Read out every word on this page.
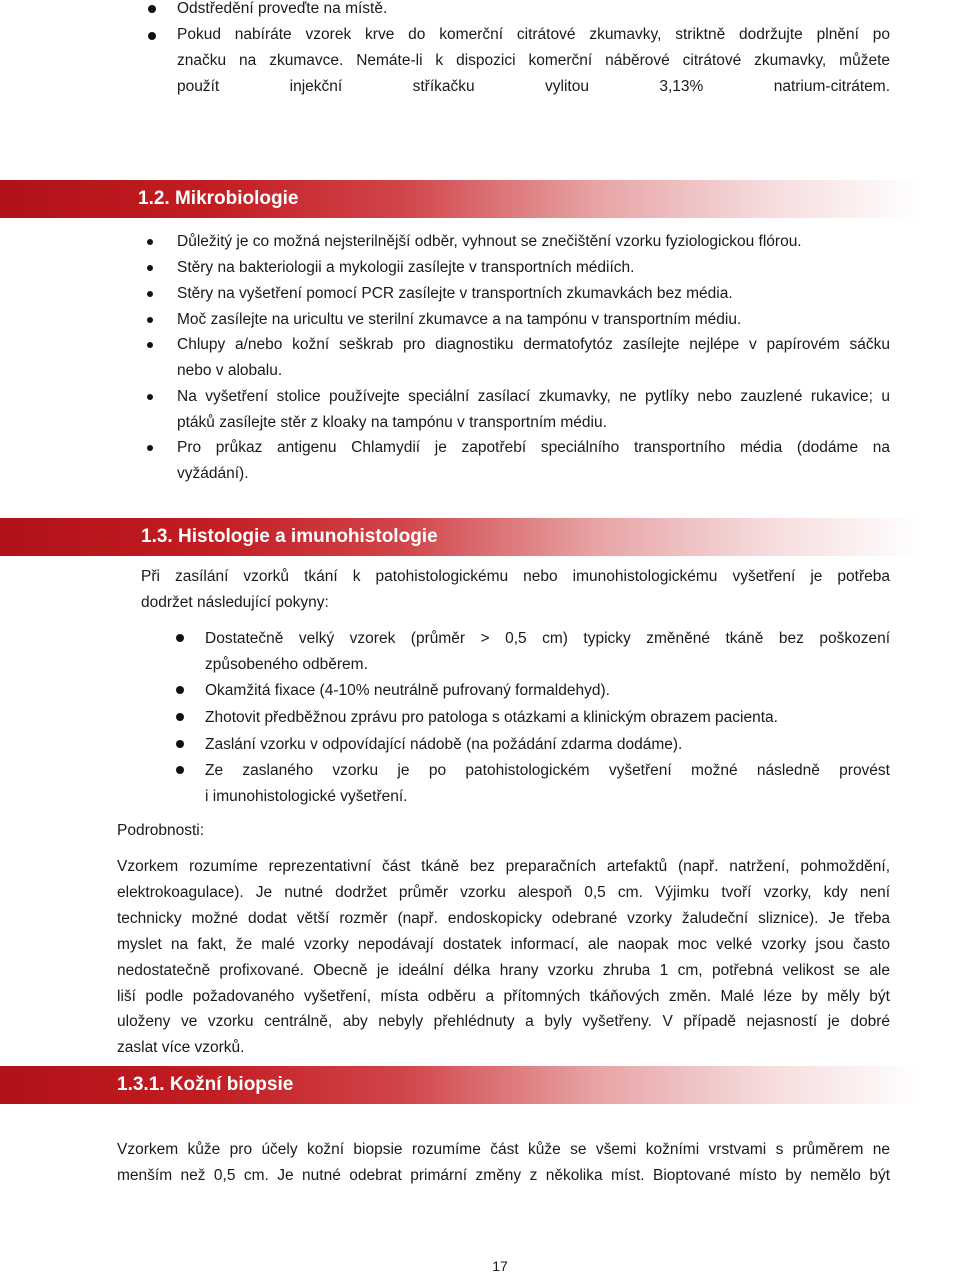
Odstředění proveďte na místě.
Pokud nabíráte vzorek krve do komerční citrátové zkumavky, striktně dodržujte plnění po
značku na zkumavce. Nemáte-li k dispozici komerční náběrové citrátové zkumavky, můžete
použít injekční stříkačku vylitou 3,13% natrium-citrátem.
1.2. Mikrobiologie
Důležitý je co možná nejsterilnější odběr, vyhnout se znečištění vzorku fyziologickou flórou.
Stěry na bakteriologii a mykologii zasílejte v transportních médiích.
Stěry na vyšetření pomocí PCR zasílejte v transportních zkumavkách bez média.
Moč zasílejte na uricultu ve sterilní zkumavce a na tampónu v transportním médiu.
Chlupy a/nebo kožní seškrab pro diagnostiku dermatofytóz zasílejte nejlépe v papírovém sáčku
nebo v alobalu.
Na vyšetření stolice používejte speciální zasílací zkumavky, ne pytlíky nebo zauzlené rukavice; u
ptáků zasílejte stěr z kloaky na tampónu v transportním médiu.
Pro průkaz antigenu Chlamydií je zapotřebí speciálního transportního média (dodáme na
vyžádání).
1.3. Histologie a imunohistologie
Při zasílání vzorků tkání k patohistologickému nebo imunohistologickému vyšetření je potřeba
dodržet následující pokyny:
Dostatečně velký vzorek (průměr > 0,5 cm) typicky změněné tkáně bez poškození
způsobeného odběrem.
Okamžitá fixace (4-10% neutrálně pufrovaný formaldehyd).
Zhotovit předběžnou zprávu pro patologa s otázkami a klinickým obrazem pacienta.
Zaslání vzorku v odpovídající nádobě (na požádání zdarma dodáme).
Ze zaslaného vzorku je po patohistologickém vyšetření možné následně provést
i imunohistologické vyšetření.
Podrobnosti:
Vzorkem rozumíme reprezentativní část tkáně bez preparačních artefaktů (např. natržení, pohmoždění,
elektrokoagulace). Je nutné dodržet průměr vzorku alespoň 0,5 cm. Výjimku tvoří vzorky, kdy není
technicky možné dodat větší rozměr (např. endoskopicky odebrané vzorky žaludeční sliznice). Je třeba
myslet na fakt, že malé vzorky nepodávají dostatek informací, ale naopak moc velké vzorky jsou často
nedostatečně profixované. Obecně je ideální délka hrany vzorku zhruba 1 cm, potřebná velikost se ale
liší podle požadovaného vyšetření, místa odběru a přítomných tkáňových změn. Malé léze by měly být
uloženy ve vzorku centrálně, aby nebyly přehlédnuty a byly vyšetřeny. V případě nejasností je dobré
zaslat více vzorků.
1.3.1. Kožní biopsie
Vzorkem kůže pro účely kožní biopsie rozumíme část kůže se všemi kožními vrstvami s průměrem ne
menším než 0,5 cm. Je nutné odebrat primární změny z několika míst. Bioptované místo by nemělo být
17
